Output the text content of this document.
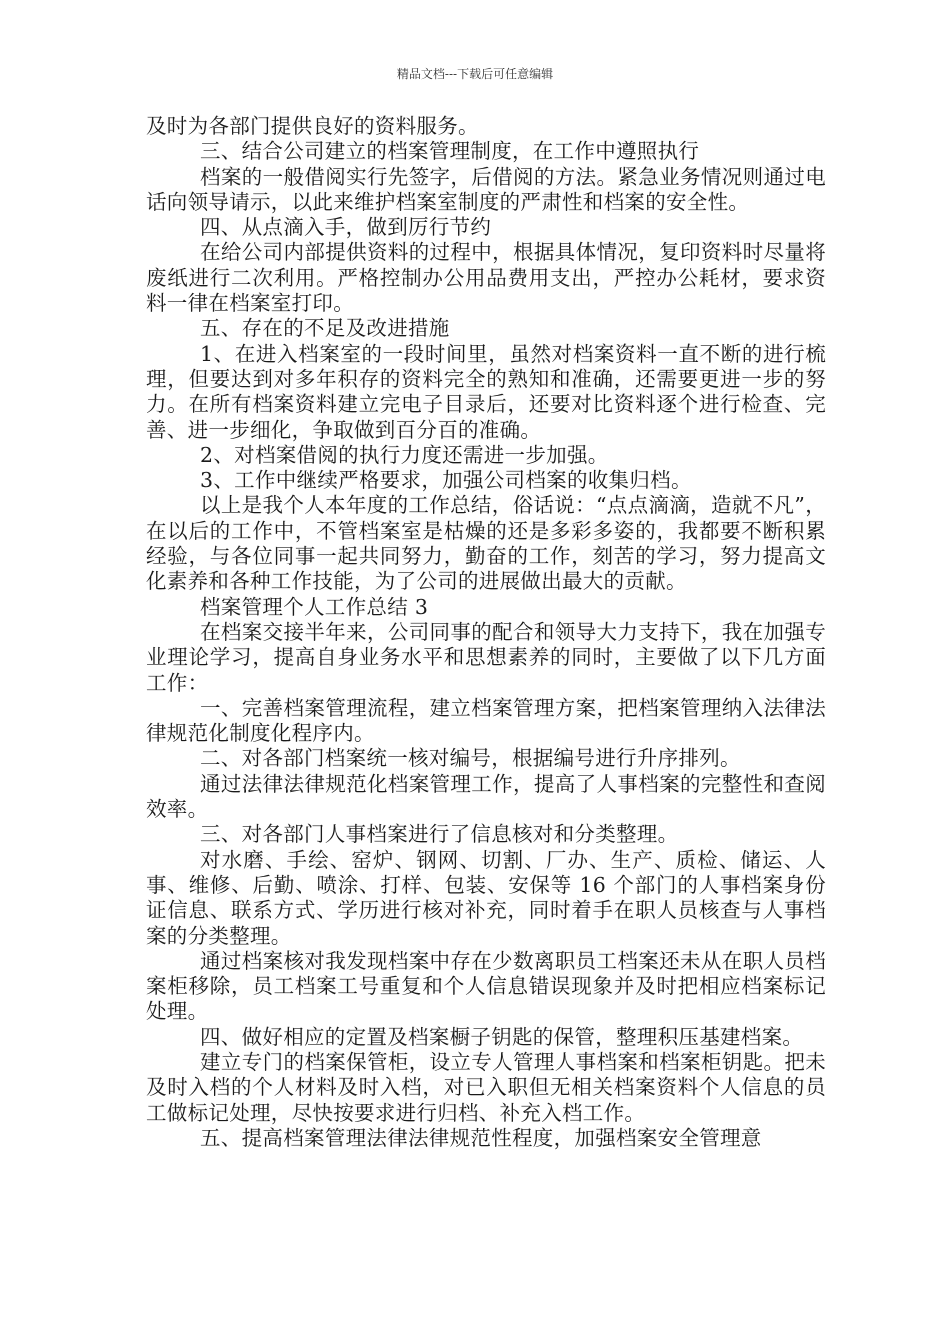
精品文档---下载后可任意编辑

及时为各部门提供良好的资料服务。

三、结合公司建立的档案管理制度，在工作中遵照执行

档案的一般借阅实行先签字，后借阅的方法。紧急业务情况则通过电话向领导请示，以此来维护档案室制度的严肃性和档案的安全性。

四、从点滴入手，做到厉行节约

在给公司内部提供资料的过程中，根据具体情况，复印资料时尽量将废纸进行二次利用。严格控制办公用品费用支出，严控办公耗材，要求资料一律在档案室打印。

五、存在的不足及改进措施

1、在进入档案室的一段时间里，虽然对档案资料一直不断的进行梳理，但要达到对多年积存的资料完全的熟知和准确，还需要更进一步的努力。在所有档案资料建立完电子目录后，还要对比资料逐个进行检查、完善、进一步细化，争取做到百分百的准确。

2、对档案借阅的执行力度还需进一步加强。

3、工作中继续严格要求，加强公司档案的收集归档。

以上是我个人本年度的工作总结，俗话说：“点点滴滴，造就不凡”，在以后的工作中，不管档案室是枯燥的还是多彩多姿的，我都要不断积累经验，与各位同事一起共同努力，勤奋的工作，刻苦的学习，努力提高文化素养和各种工作技能，为了公司的进展做出最大的贡献。

档案管理个人工作总结 3

在档案交接半年来，公司同事的配合和领导大力支持下，我在加强专业理论学习，提高自身业务水平和思想素养的同时，主要做了以下几方面工作：

一、完善档案管理流程，建立档案管理方案，把档案管理纳入法律法律规范化制度化程序内。

二、对各部门档案统一核对编号，根据编号进行升序排列。

通过法律法律规范化档案管理工作，提高了人事档案的完整性和查阅效率。

三、对各部门人事档案进行了信息核对和分类整理。

对水磨、手绘、窑炉、钢网、切割、厂办、生产、质检、储运、人事、维修、后勤、喷涂、打样、包装、安保等 16 个部门的人事档案身份证信息、联系方式、学历进行核对补充，同时着手在职人员核查与人事档案的分类整理。

通过档案核对我发现档案中存在少数离职员工档案还未从在职人员档案柜移除，员工档案工号重复和个人信息错误现象并及时把相应档案标记处理。

四、做好相应的定置及档案橱子钥匙的保管，整理积压基建档案。

建立专门的档案保管柜，设立专人管理人事档案和档案柜钥匙。把未及时入档的个人材料及时入档，对已入职但无相关档案资料个人信息的员工做标记处理，尽快按要求进行归档、补充入档工作。

五、提高档案管理法律法律规范性程度，加强档案安全管理意
